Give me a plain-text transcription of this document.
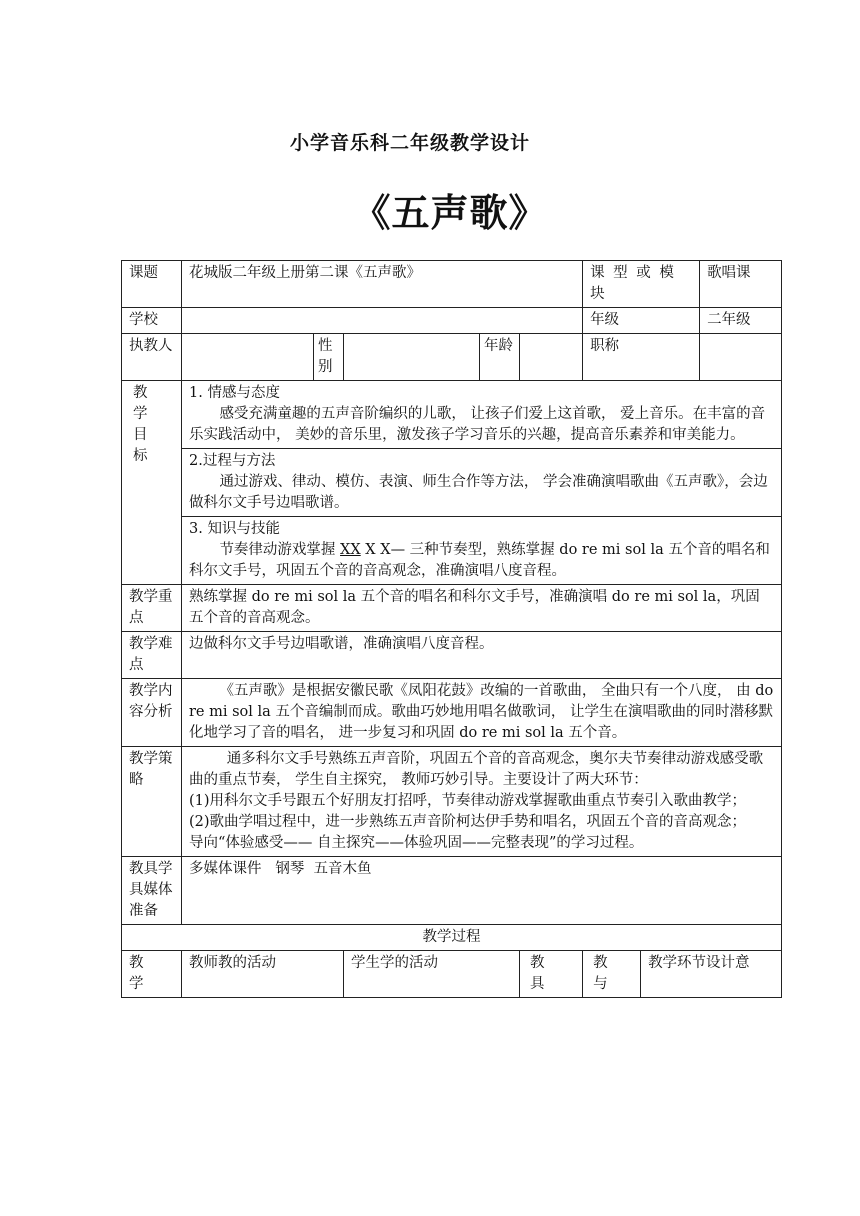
小学音乐科二年级教学设计
《五声歌》
课题	花城版二年级上册第二课《五声歌》					课 型 或 模 块		歌唱课
学校						年级		二年级
执教人		性别		年龄		职称		

教学目标	1. 情感与态度

感受充满童趣的五声音阶编织的儿歌， 让孩子们爱上这首歌， 爱上音乐。在丰富的音乐实践活动中， 美妙的音乐里，激发孩子学习音乐的兴趣，提高音乐素养和审美能力。							

	2.过程与方法

通过游戏、律动、模仿、表演、师生合作等方法， 学会准确演唱歌曲《五声歌》，会边做科尔文手号边唱歌谱。							

	3. 知识与技能

节奏律动游戏掌握 XX X X— 三种节奏型，熟练掌握 do re mi sol la 五个音的唱名和科尔文手号，巩固五个音的音高观念，准确演唱八度音程。							

教学重点	熟练掌握 do re mi sol la 五个音的唱名和科尔文手号，准确演唱 do re mi sol la，巩固五个音的音高观念。							
教学难点	边做科尔文手号边唱歌谱，准确演唱八度音程。							
教学内容分析	《五声歌》是根据安徽民歌《凤阳花鼓》改编的一首歌曲， 全曲只有一个八度， 由 do re mi sol la 五个音编制而成。歌曲巧妙地用唱名做歌词， 让学生在演唱歌曲的同时潜移默化地学习了音的唱名， 进一步复习和巩固 do re mi sol la 五个音。							
教学策略	通多科尔文手号熟练五声音阶，巩固五个音的音高观念，奥尔夫节奏律动游戏感受歌曲的重点节奏， 学生自主探究， 教师巧妙引导。主要设计了两大环节：

(1)用科尔文手号跟五个好朋友打招呼，节奏律动游戏掌握歌曲重点节奏引入歌曲教学；

(2)歌曲学唱过程中，进一步熟练五声音阶柯达伊手势和唱名，巩固五个音的音高观念；

导向“体验感受—— 自主探究——体验巩固——完整表现”的学习过程。							

教具学具媒体准备	多媒体课件   钢琴  五音木鱼							
教学过程								
教 学	教师教的活动		学生学的活动		教 具	教 与	教学环节设计意	
